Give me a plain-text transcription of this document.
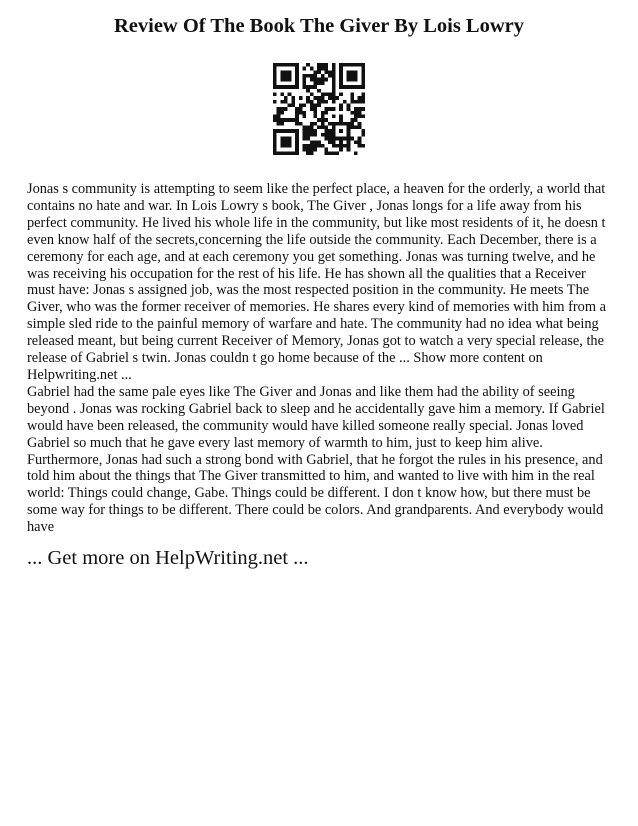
Review Of The Book The Giver By Lois Lowry

Jonas s community is attempting to seem like the perfect place, a heaven for the orderly, a world that contains no hate and war. In Lois Lowry s book, The Giver , Jonas longs for a life away from his perfect community. He lived his whole life in the community, but like most residents of it, he doesn t even know half of the secrets,concerning the life outside the community. Each December, there is a ceremony for each age, and at each ceremony you get something. Jonas was turning twelve, and he was receiving his occupation for the rest of his life. He has shown all the qualities that a Receiver must have: Jonas s assigned job, was the most respected position in the community. He meets The Giver, who was the former receiver of memories. He shares every kind of memories with him from a simple sled ride to the painful memory of warfare and hate. The community had no idea what being released meant, but being current Receiver of Memory, Jonas got to watch a very special release, the release of Gabriel s twin. Jonas couldn t go home because of the ... Show more content on Helpwriting.net ...

Gabriel had the same pale eyes like The Giver and Jonas and like them had the ability of seeing beyond . Jonas was rocking Gabriel back to sleep and he accidentally gave him a memory. If Gabriel would have been released, the community would have killed someone really special. Jonas loved Gabriel so much that he gave every last memory of warmth to him, just to keep him alive. Furthermore, Jonas had such a strong bond with Gabriel, that he forgot the rules in his presence, and told him about the things that The Giver transmitted to him, and wanted to live with him in the real world: Things could change, Gabe. Things could be different. I don t know how, but there must be some way for things to be different. There could be colors. And grandparents. And everybody would have

... Get more on HelpWriting.net ...
